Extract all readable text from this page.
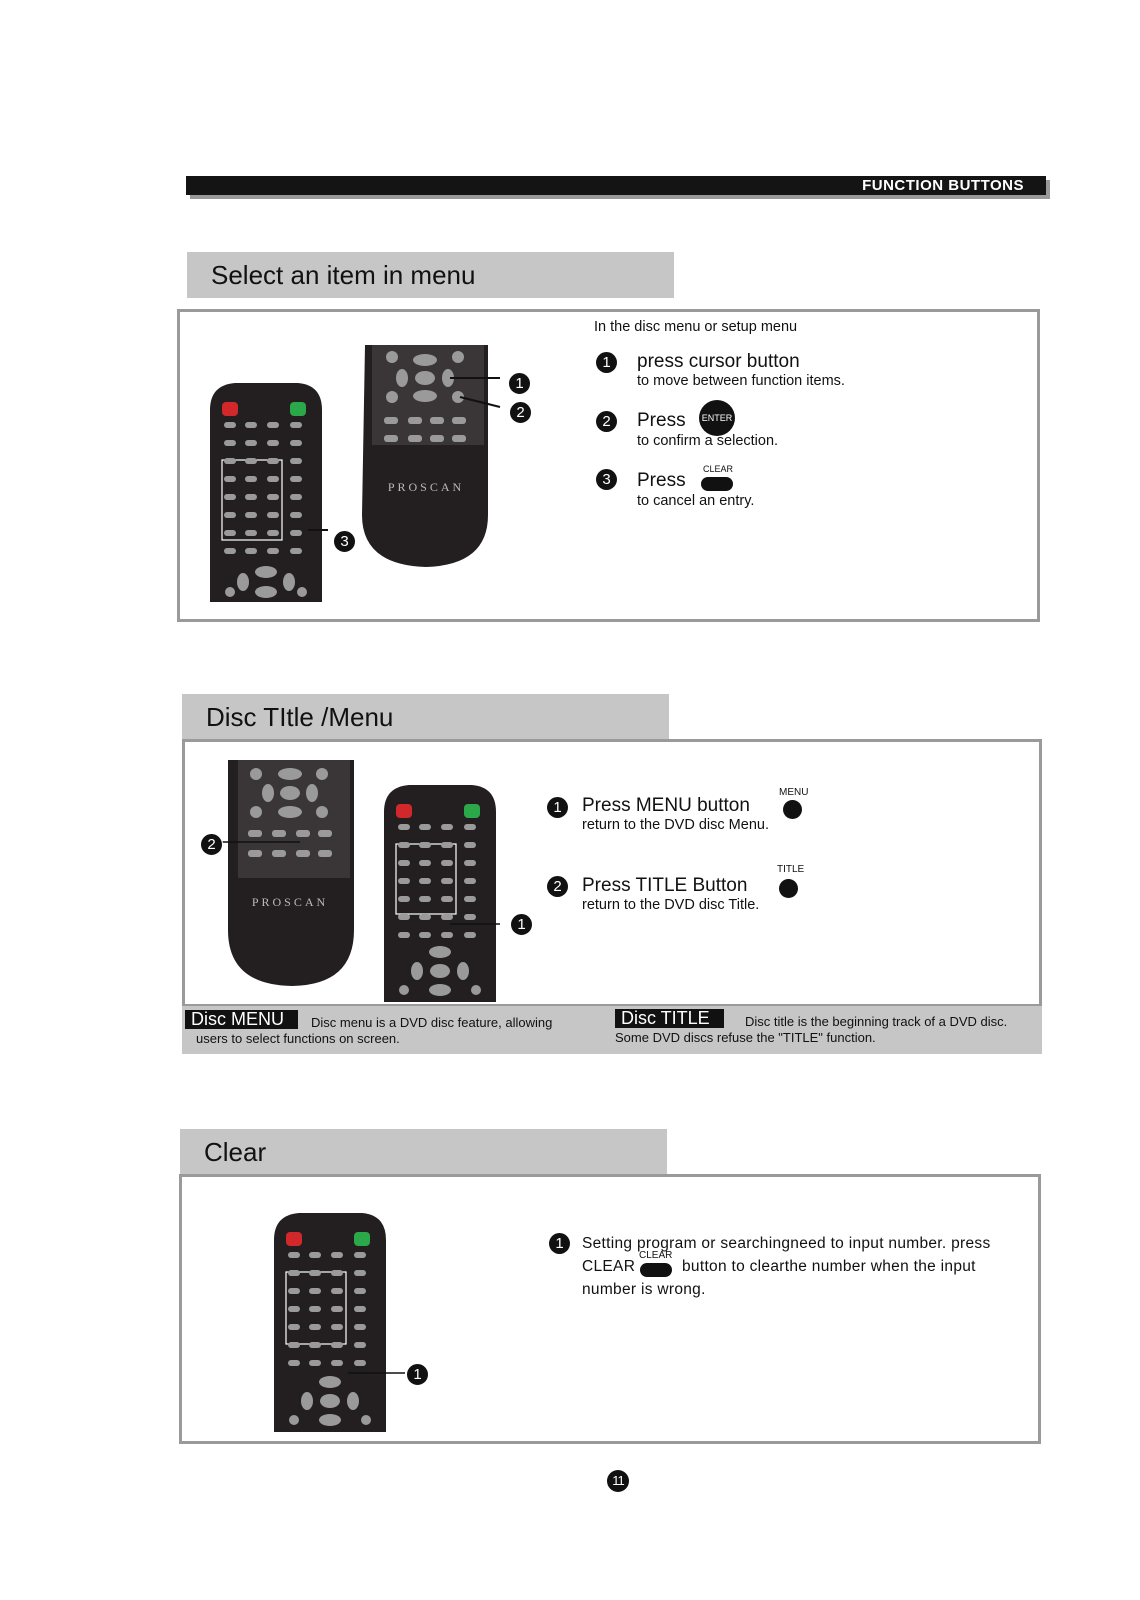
FUNCTION BUTTONS
Select an item in menu
PROSCAN
1
2
3
In the disc menu or setup menu
1	press cursor button
to move between function items.
2	Press	ENTER
to confirm a selection.
3	Press
CLEAR
to cancel an entry.
Disc TItle /Menu
PROSCAN
2
1
1	Press MENU button
return to the DVD disc Menu.
MENU
2	Press TITLE Button
return to the DVD disc Title.
TITLE
Disc MENU	Disc menu is a DVD disc feature, allowing
users to select functions on screen.
Disc TITLE	Disc title is the beginning track of a DVD disc.
Some DVD discs refuse the "TITLE" function.
Clear
1
1	Setting program or searchingneed to input number. press
CLEAR
CLEAR
button to clearthe number when the input
number is wrong.
11
